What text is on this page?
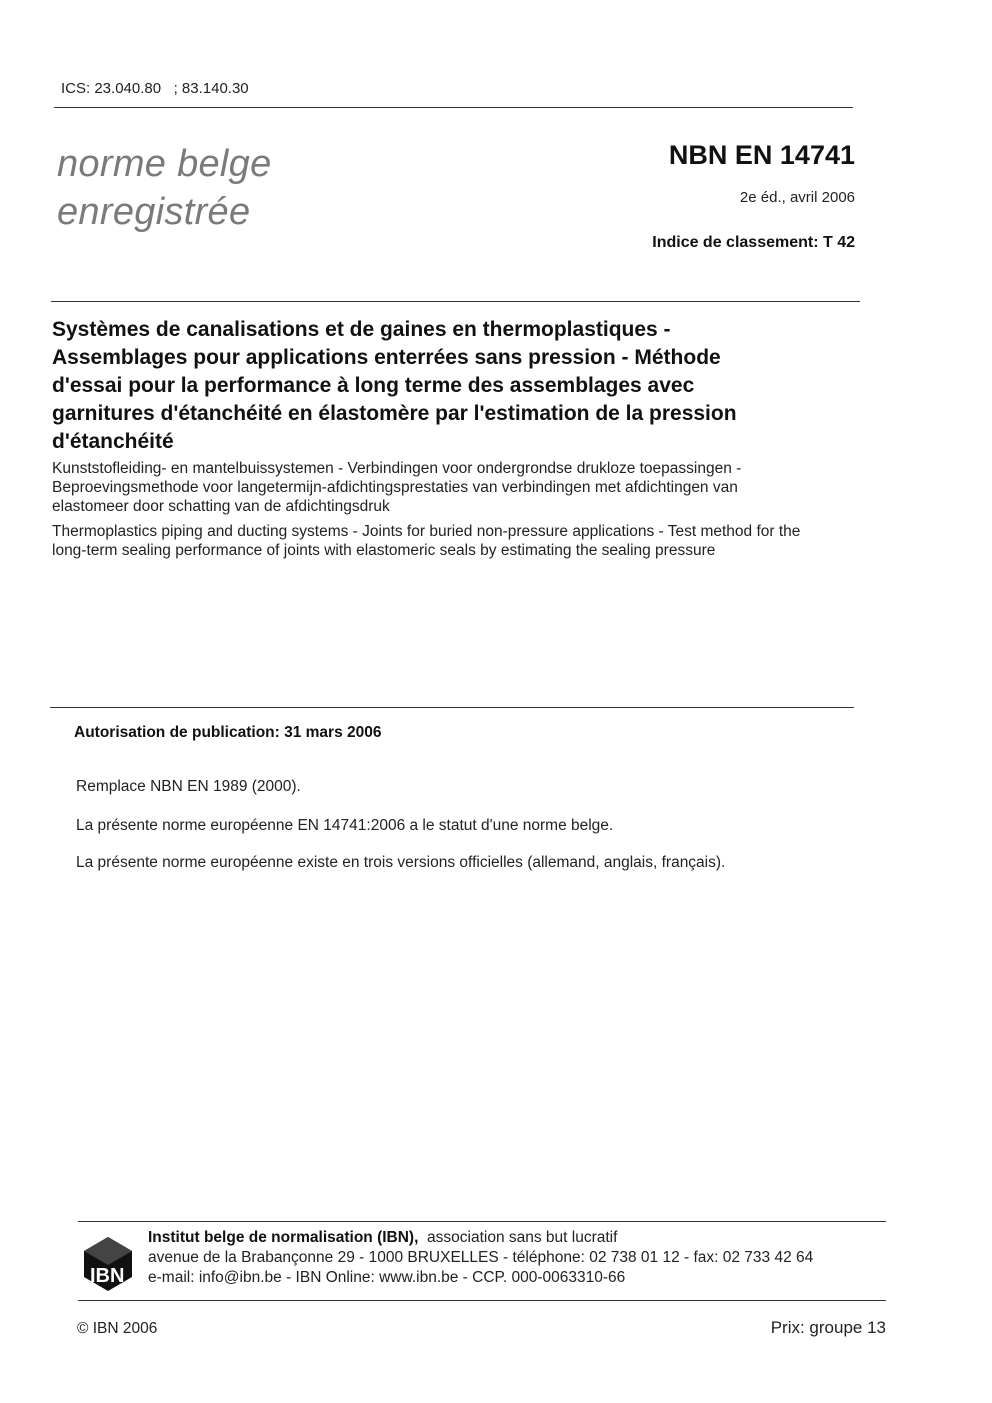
ICS: 23.040.80   ; 83.140.30
norme belge
enregistrée
NBN EN 14741
2e éd., avril 2006
Indice de classement: T 42
Systèmes de canalisations et de gaines en thermoplastiques -
Assemblages pour applications enterrées sans pression - Méthode
d'essai pour la performance à long terme des assemblages avec
garnitures d'étanchéité en élastomère par l'estimation de la pression
d'étanchéité
Kunststofleiding- en mantelbuissystemen - Verbindingen voor ondergrondse drukloze toepassingen -
Beproevingsmethode voor langetermijn-afdichtingsprestaties van verbindingen met afdichtingen van
elastomeer door schatting van de afdichtingsdruk
Thermoplastics piping and ducting systems - Joints for buried non-pressure applications - Test method for the
long-term sealing performance of joints with elastomeric seals by estimating the sealing pressure
Autorisation de publication: 31 mars 2006
Remplace NBN EN 1989 (2000).
La présente norme européenne EN 14741:2006 a le statut d'une norme belge.
La présente norme européenne existe en trois versions officielles (allemand, anglais, français).
IBN
Institut belge de normalisation (IBN),  association sans but lucratif
avenue de la Brabançonne 29 - 1000 BRUXELLES - téléphone: 02 738 01 12 - fax: 02 733 42 64
e-mail: info@ibn.be - IBN Online: www.ibn.be - CCP. 000-0063310-66
© IBN 2006	Prix: groupe 13
